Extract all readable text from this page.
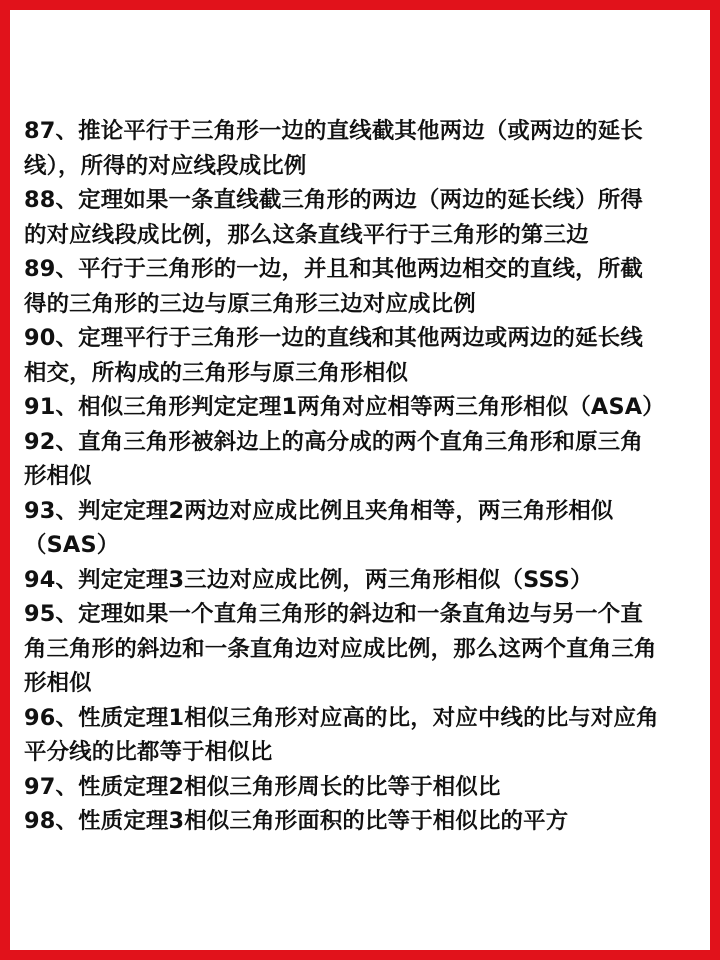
87、推论平行于三角形一边的直线截其他两边（或两边的延长
线），所得的对应线段成比例
88、定理如果一条直线截三角形的两边（两边的延长线）所得
的对应线段成比例，那么这条直线平行于三角形的第三边
89、平行于三角形的一边，并且和其他两边相交的直线，所截
得的三角形的三边与原三角形三边对应成比例
90、定理平行于三角形一边的直线和其他两边或两边的延长线
相交，所构成的三角形与原三角形相似
91、相似三角形判定定理1两角对应相等两三角形相似（ASA）
92、直角三角形被斜边上的高分成的两个直角三角形和原三角
形相似
93、判定定理2两边对应成比例且夹角相等，两三角形相似
（SAS）
94、判定定理3三边对应成比例，两三角形相似（SSS）
95、定理如果一个直角三角形的斜边和一条直角边与另一个直
角三角形的斜边和一条直角边对应成比例，那么这两个直角三角
形相似
96、性质定理1相似三角形对应高的比，对应中线的比与对应角
平分线的比都等于相似比
97、性质定理2相似三角形周长的比等于相似比
98、性质定理3相似三角形面积的比等于相似比的平方
